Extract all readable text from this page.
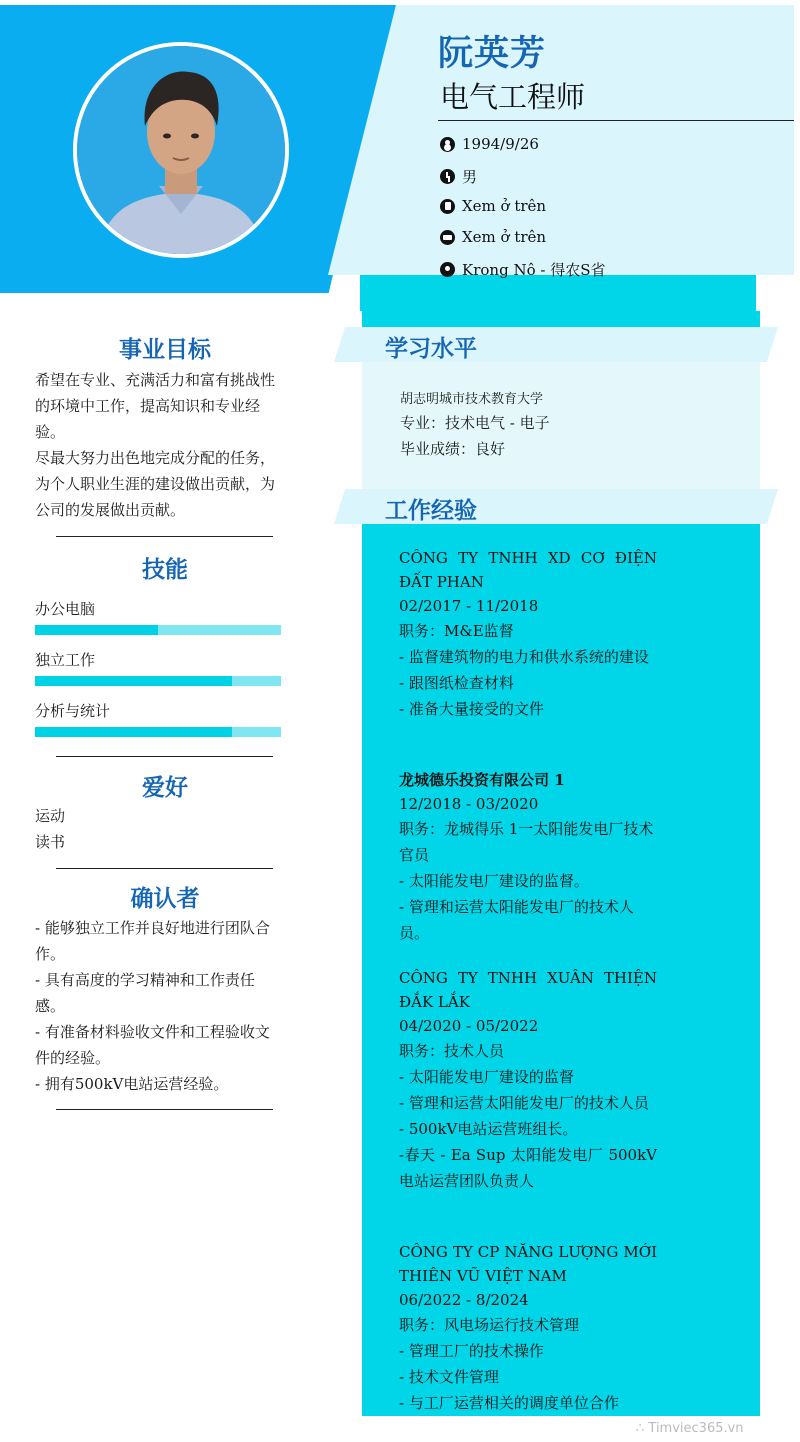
阮英芳
电气工程师
1994/9/26
男
Xem ở trên
Xem ở trên
Krong Nô - 得农S省
学习水平
胡志明城市技术教育大学
专业：技术电气 - 电子
毕业成绩：良好
工作经验
CÔNG TY TNHH XD CƠ ĐIỆN ĐẤT PHAN
02/2017 - 11/2018
职务：M&E监督
- 监督建筑物的电力和供水系统的建设
- 跟图纸检查材料
- 准备大量接受的文件
龙城德乐投资有限公司 1
12/2018 - 03/2020
职务：龙城得乐 1一太阳能发电厂技术官员
- 太阳能发电厂建设的监督。
- 管理和运营太阳能发电厂的技术人员。
CÔNG TY TNHH XUÂN THIỆN ĐẮK LẮK
04/2020 - 05/2022
职务：技术人员
- 太阳能发电厂建设的监督
- 管理和运营太阳能发电厂的技术人员
- 500kV电站运营班组长。
-春天 - Ea Sup 太阳能发电厂 500kV 电站运营团队负责人
CÔNG TY CP NĂNG LƯỢNG MỚI THIÊN VŨ VIỆT NAM
06/2022 - 8/2024
职务：风电场运行技术管理
- 管理工厂的技术操作
- 技术文件管理
- 与工厂运营相关的调度单位合作
事业目标
希望在专业、充满活力和富有挑战性
的环境中工作，提高知识和专业经
验。
尽最大努力出色地完成分配的任务，
为个人职业生涯的建设做出贡献，为
公司的发展做出贡献。
技能
办公电脑
独立工作
分析与统计
爱好
运动
读书
确认者
- 能够独立工作并良好地进行团队合
作。
- 具有高度的学习精神和工作责任
感。
- 有准备材料验收文件和工程验收文
件的经验。
- 拥有500kV电站运营经验。
∴ Timviec365.vn
